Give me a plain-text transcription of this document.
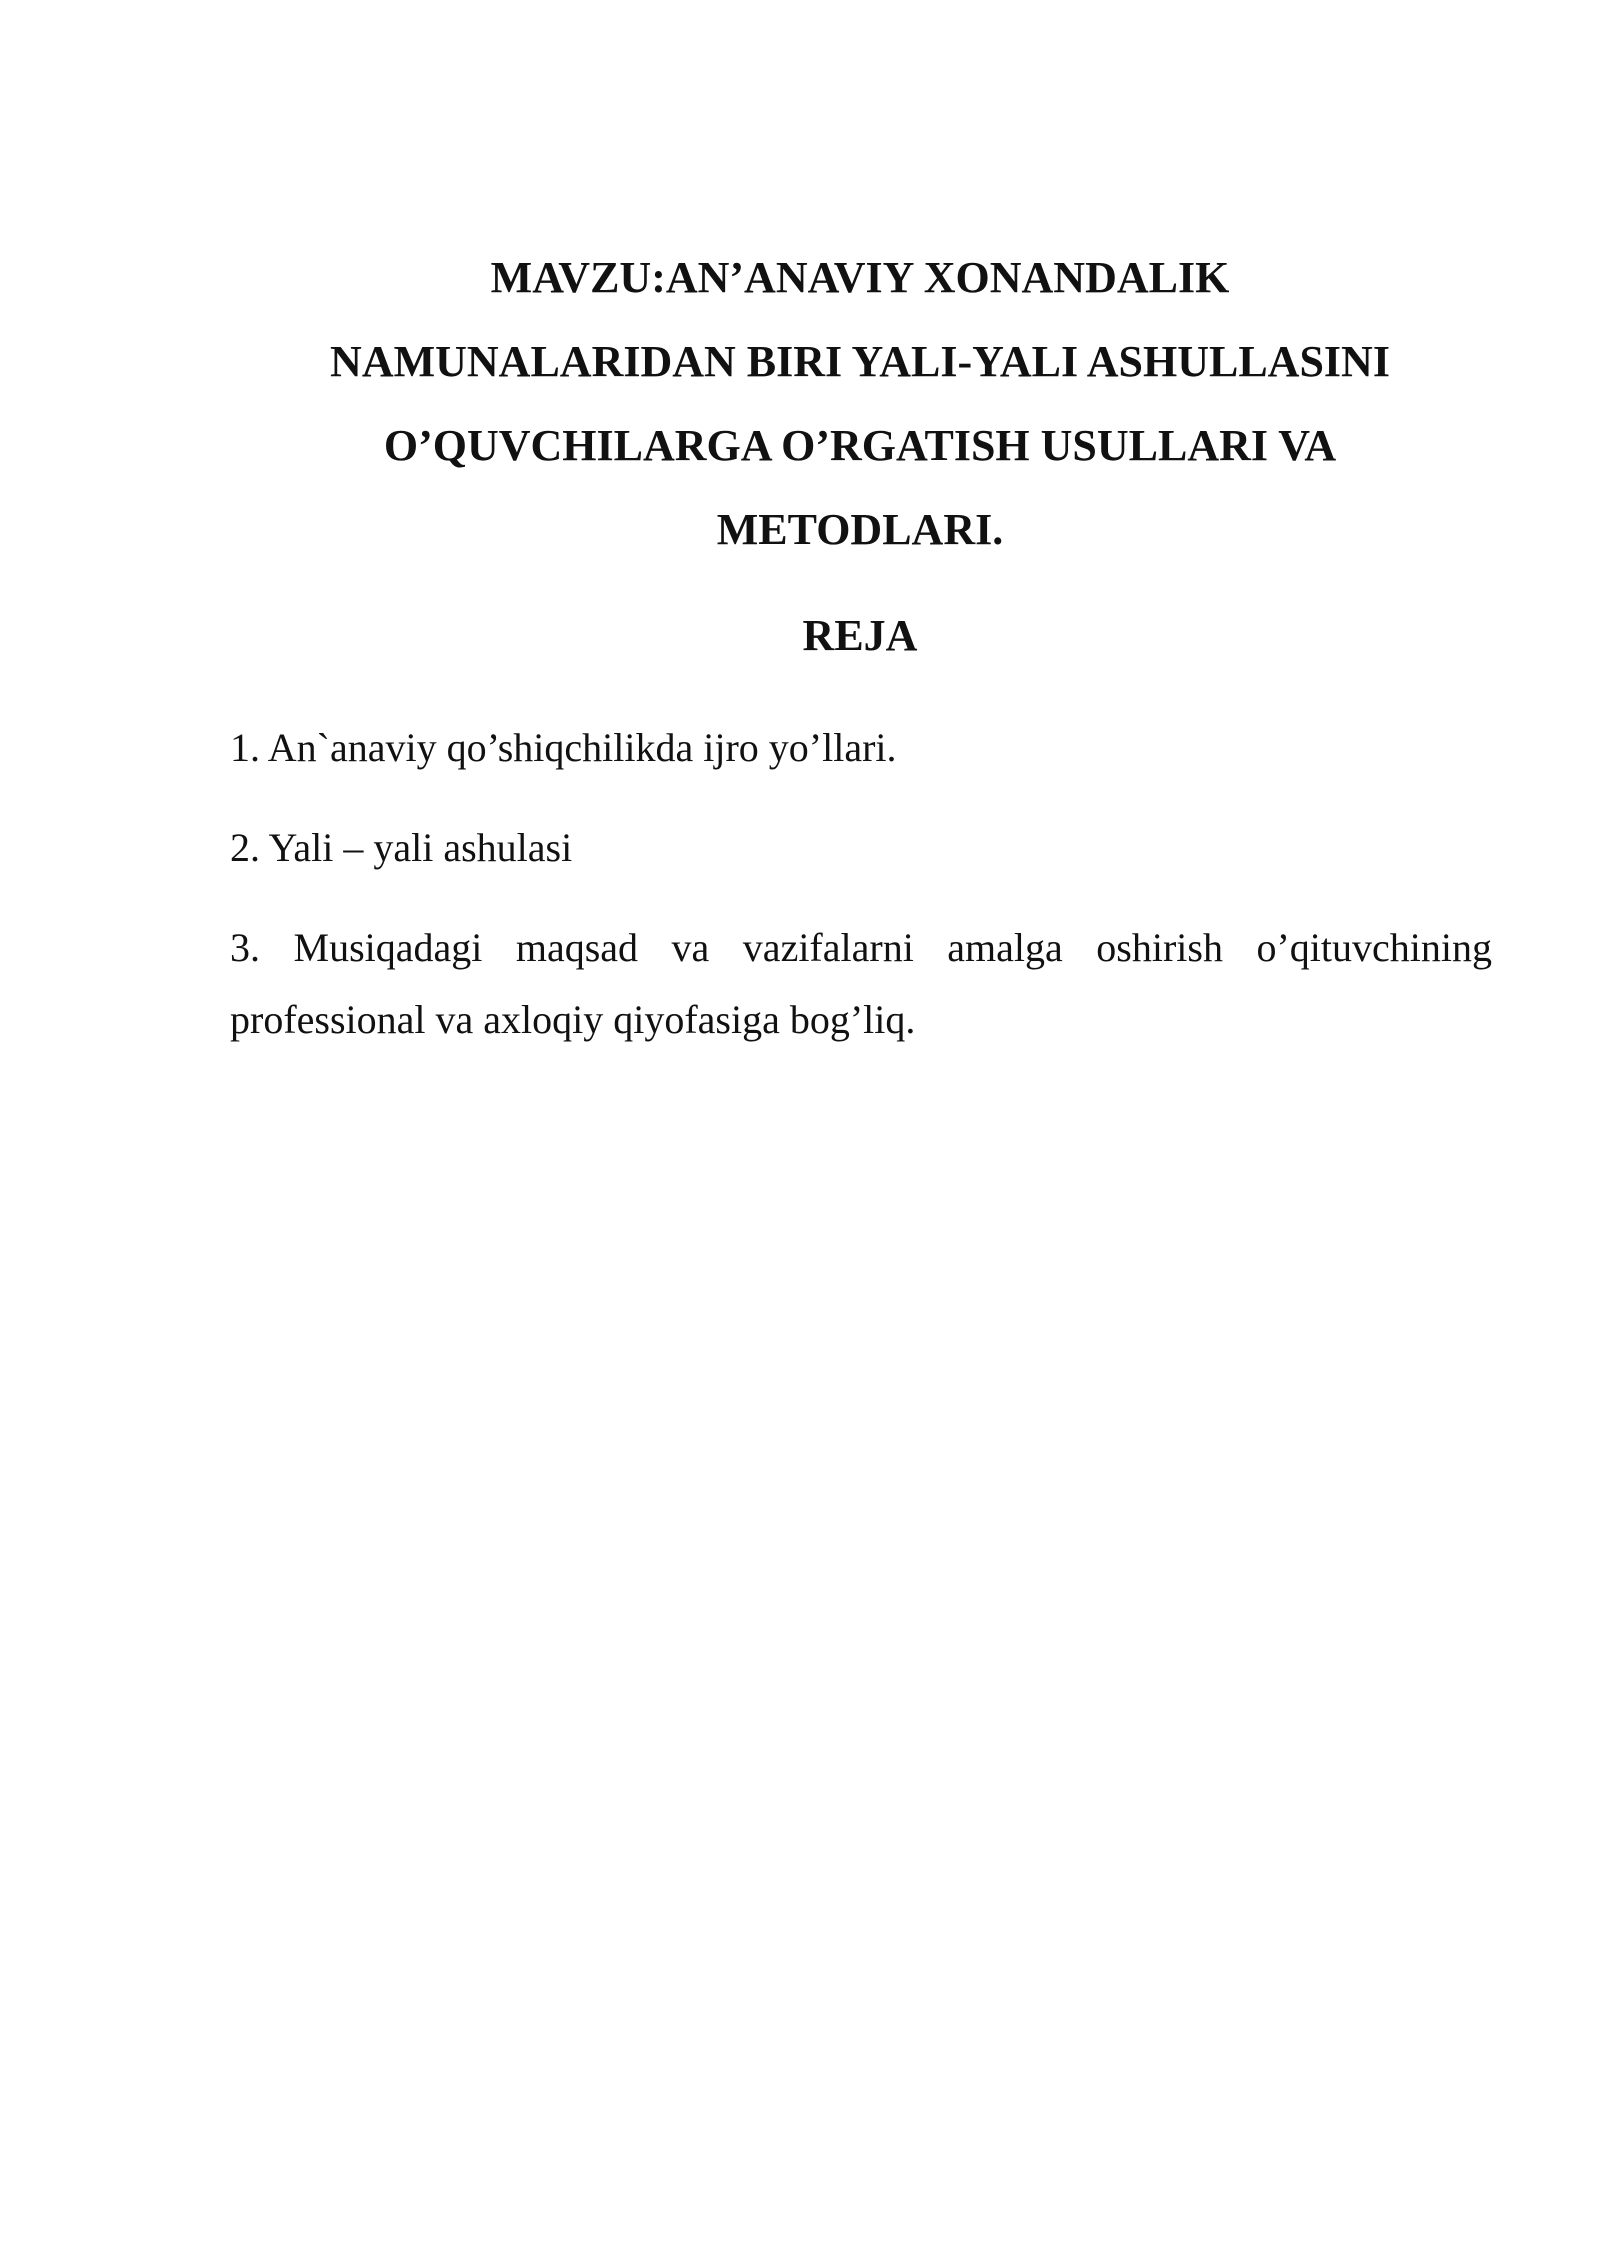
MAVZU:AN’ANAVIY XONANDALIK
NAMUNALARIDAN BIRI YALI-YALI ASHULLASINI
O’QUVCHILARGA O’RGATISH USULLARI VA
METODLARI.
REJA
1. An`anaviy qo’shiqchilikda ijro yo’llari.
2. Yali – yali ashulasi
3. Musiqadagi maqsad va vazifalarni amalga oshirish o’qituvchining
professional va axloqiy qiyofasiga bog’liq.
